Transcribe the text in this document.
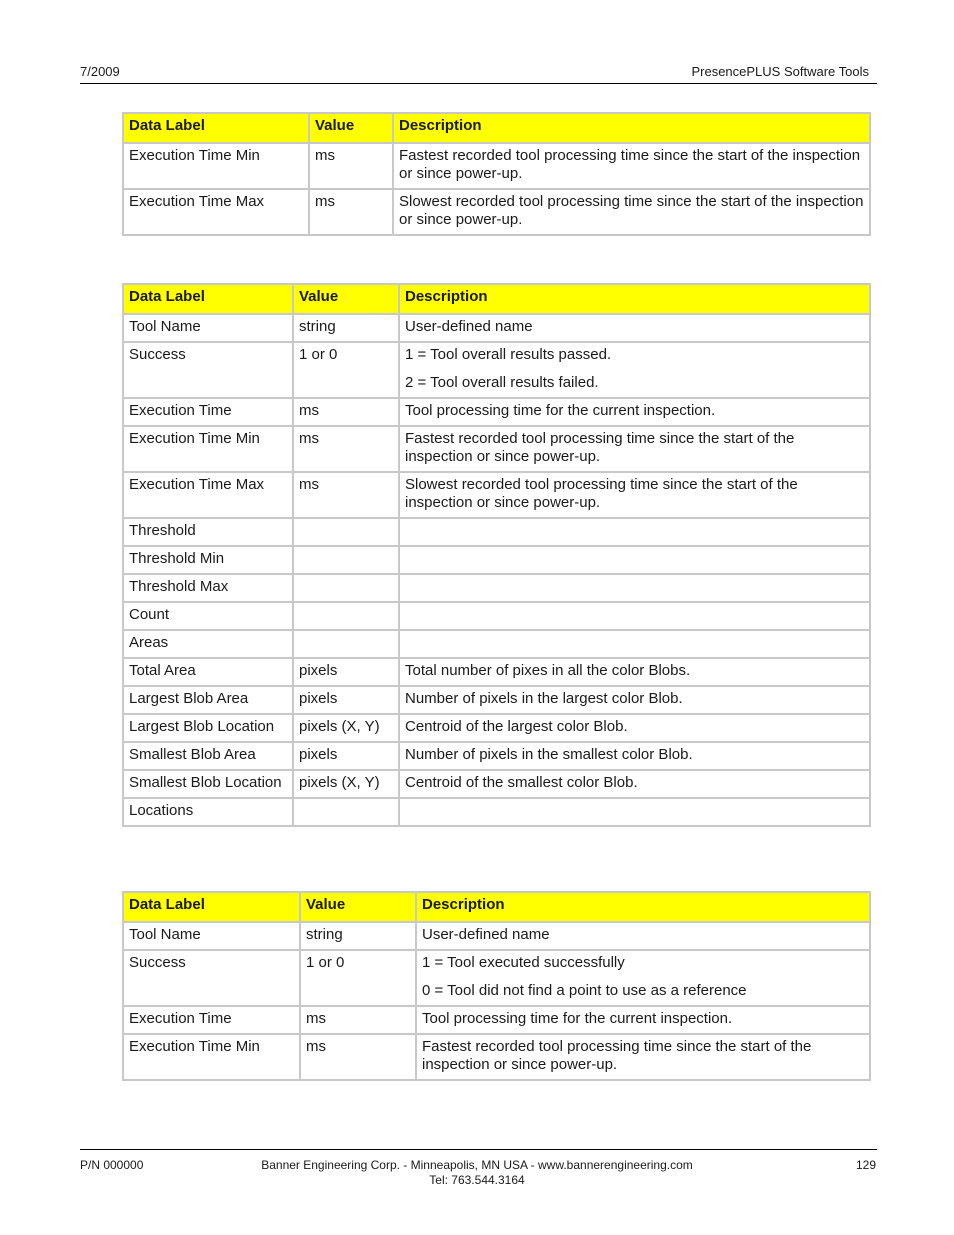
7/2009	PresencePLUS Software Tools
Data Label	Value	Description
Execution Time Min	ms	Fastest recorded tool processing time since the start of the inspection or since power-up.

Execution Time Max	ms	Slowest recorded tool processing time since the start of the inspection or since power-up.

Data Label	Value	Description
Tool Name	string	User-defined name

Success	1 or 0	1 = Tool overall results passed.

2 = Tool overall results failed.

Execution Time	ms	Tool processing time for the current inspection.

Execution Time Min	ms	Fastest recorded tool processing time since the start of the inspection or since power-up.

Execution Time Max	ms	Slowest recorded tool processing time since the start of the inspection or since power-up.

Threshold		
Threshold Min		
Threshold Max		
Count		
Areas		
Total Area	pixels	Total number of pixes in all the color Blobs.

Largest Blob Area	pixels	Number of pixels in the largest color Blob.

Largest Blob Location	pixels (X, Y)	Centroid of the largest color Blob.

Smallest Blob Area	pixels	Number of pixels in the smallest color Blob.

Smallest Blob Location	pixels (X, Y)	Centroid of the smallest color Blob.

Locations		
Data Label	Value	Description
Tool Name	string	User-defined name

Success	1 or 0	1 = Tool executed successfully

0 = Tool did not find a point to use as a reference

Execution Time	ms	Tool processing time for the current inspection.

Execution Time Min	ms	Fastest recorded tool processing time since the start of the inspection or since power-up.

P/N 000000	Banner Engineering Corp. - Minneapolis, MN USA - www.bannerengineering.com
Tel: 763.544.3164
129
